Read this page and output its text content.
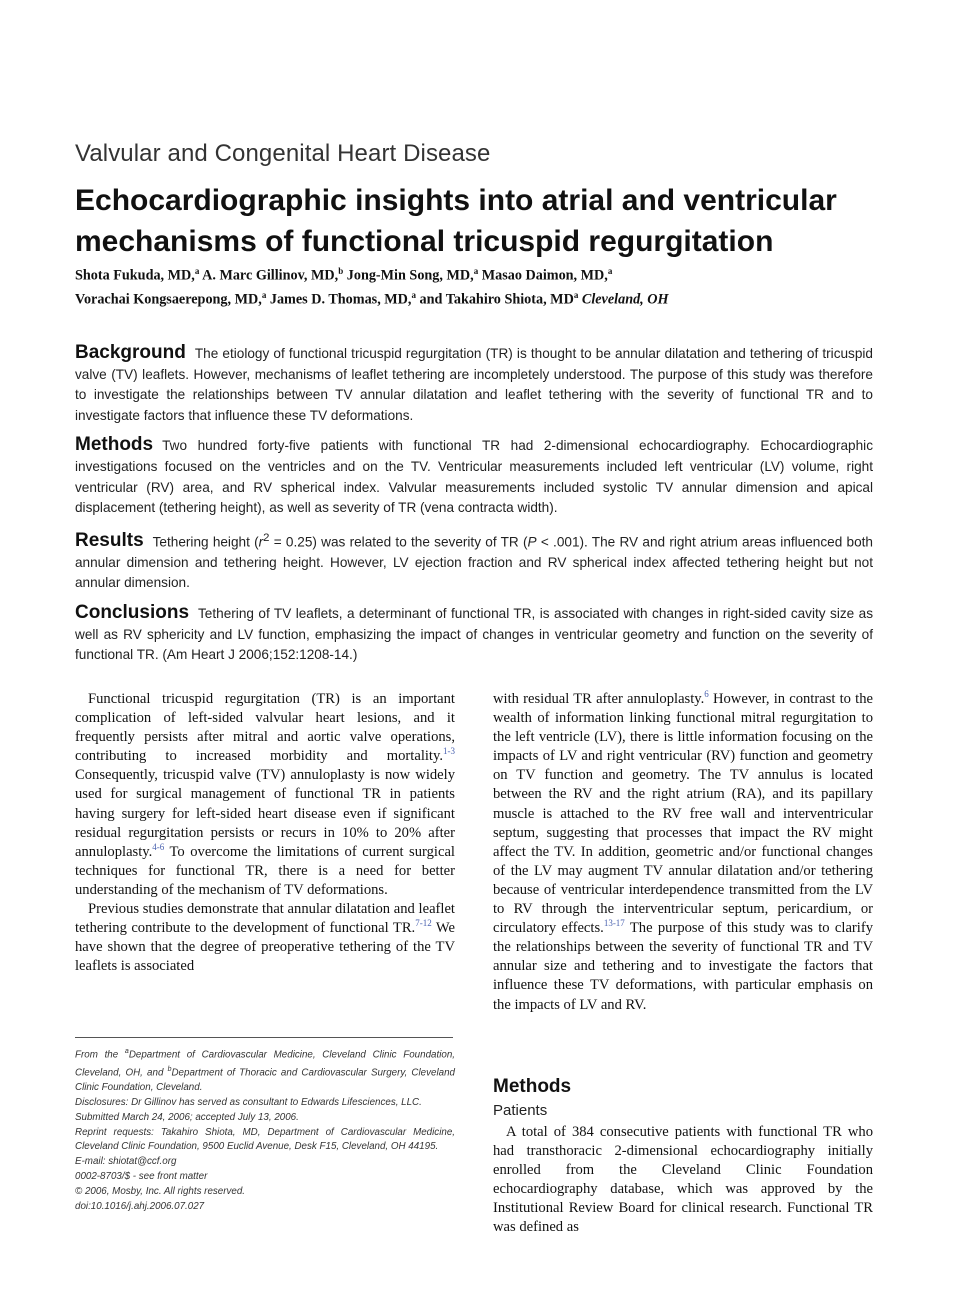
Valvular and Congenital Heart Disease
Echocardiographic insights into atrial and ventricular mechanisms of functional tricuspid regurgitation
Shota Fukuda, MD,$^a$ A. Marc Gillinov, MD,$^b$ Jong-Min Song, MD,$^a$ Masao Daimon, MD,$^a$
Vorachai Kongsaerepong, MD,$^a$ James D. Thomas, MD,$^a$ and Takahiro Shiota, $MD^a$ Cleveland, OH

Background The etiology of functional tricuspid regurgitation (TR) is thought to be annular dilatation and tethering of tricuspid valve (TV) leaflets. However, mechanisms of leaflet tethering are incompletely understood. The purpose of this study was therefore to investigate the relationships between TV annular dilatation and leaflet tethering with the severity of functional TR and to investigate factors that influence these TV deformations.

Methods Two hundred forty-five patients with functional TR had 2-dimensional echocardiography. Echocardiographic investigations focused on the ventricles and on the TV. Ventricular measurements included left ventricular (LV) volume, right ventricular (RV) area, and RV spherical index. Valvular measurements included systolic TV annular dimension and apical displacement (tethering height), as well as severity of TR (vena contracta width).

Results Tethering height $(r^2 = 0.25)$ was related to the severity of TR (P < .001). The RV and right atrium areas influenced both annular dimension and tethering height. However, LV ejection fraction and RV spherical index affected tethering height but not annular dimension.

Conclusions Tethering of TV leaflets, a determinant of functional TR, is associated with changes in right-sided cavity size as well as RV sphericity and LV function, emphasizing the impact of changes in ventricular geometry and function on the severity of functional TR. (Am Heart J 2006;152:1208-14.)

Functional tricuspid regurgitation (TR) is an important complication of left-sided valvular heart lesions, and it frequently persists after mitral and aortic valve operations, contributing to increased morbidity and mortality.$^{1-3}$ Consequently, tricuspid valve (TV) annuloplasty is now widely used for surgical management of functional TR in patients having surgery for left-sided heart disease even if significant residual regurgitation persists or recurs in 10% to 20% after annuloplasty.$^{4-6}$ To overcome the limitations of current surgical techniques for functional TR, there is a need for better understanding of the mechanism of TV deformations.

Previous studies demonstrate that annular dilatation and leaflet tethering contribute to the development of functional TR.$^{7-12}$ We have shown that the degree of preoperative tethering of the TV leaflets is associated

From the $^a$Department of Cardiovascular Medicine, Cleveland Clinic Foundation, Cleveland, OH, and $^b$Department of Thoracic and Cardiovascular Surgery, Cleveland Clinic Foundation, Cleveland.

Disclosures: Dr Gillinov has served as consultant to Edwards Lifesciences, LLC.

Submitted March 24, 2006; accepted July 13, 2006.

Reprint requests: Takahiro Shiota, MD, Department of Cardiovascular Medicine, Cleveland Clinic Foundation, 9500 Euclid Avenue, Desk F15, Cleveland, OH 44195.

E-mail: shiotat@ccf.org

0002-8703/$ - see front matter

© 2006, Mosby, Inc. All rights reserved.

doi:10.1016/j.ahj.2006.07.027

with residual TR after annuloplasty.$^6$ However, in contrast to the wealth of information linking functional mitral regurgitation to the left ventricle (LV), there is little information focusing on the impacts of LV and right ventricular (RV) function and geometry on TV function and geometry. The TV annulus is located between the RV and the right atrium (RA), and its papillary muscle is attached to the RV free wall and interventricular septum, suggesting that processes that impact the RV might affect the TV. In addition, geometric and/or functional changes of the LV may augment TV annular dilatation and/or tethering because of ventricular interdependence transmitted from the LV to RV through the interventricular septum, pericardium, or circulatory effects.$^{13-17}$ The purpose of this study was to clarify the relationships between the severity of functional TR and TV annular size and tethering and to investigate the factors that influence these TV deformations, with particular emphasis on the impacts of LV and RV.

Methods
Patients

A total of 384 consecutive patients with functional TR who had transthoracic 2-dimensional echocardiography initially enrolled from the Cleveland Clinic Foundation echocardiography database, which was approved by the Institutional Review Board for clinical research. Functional TR was defined as
